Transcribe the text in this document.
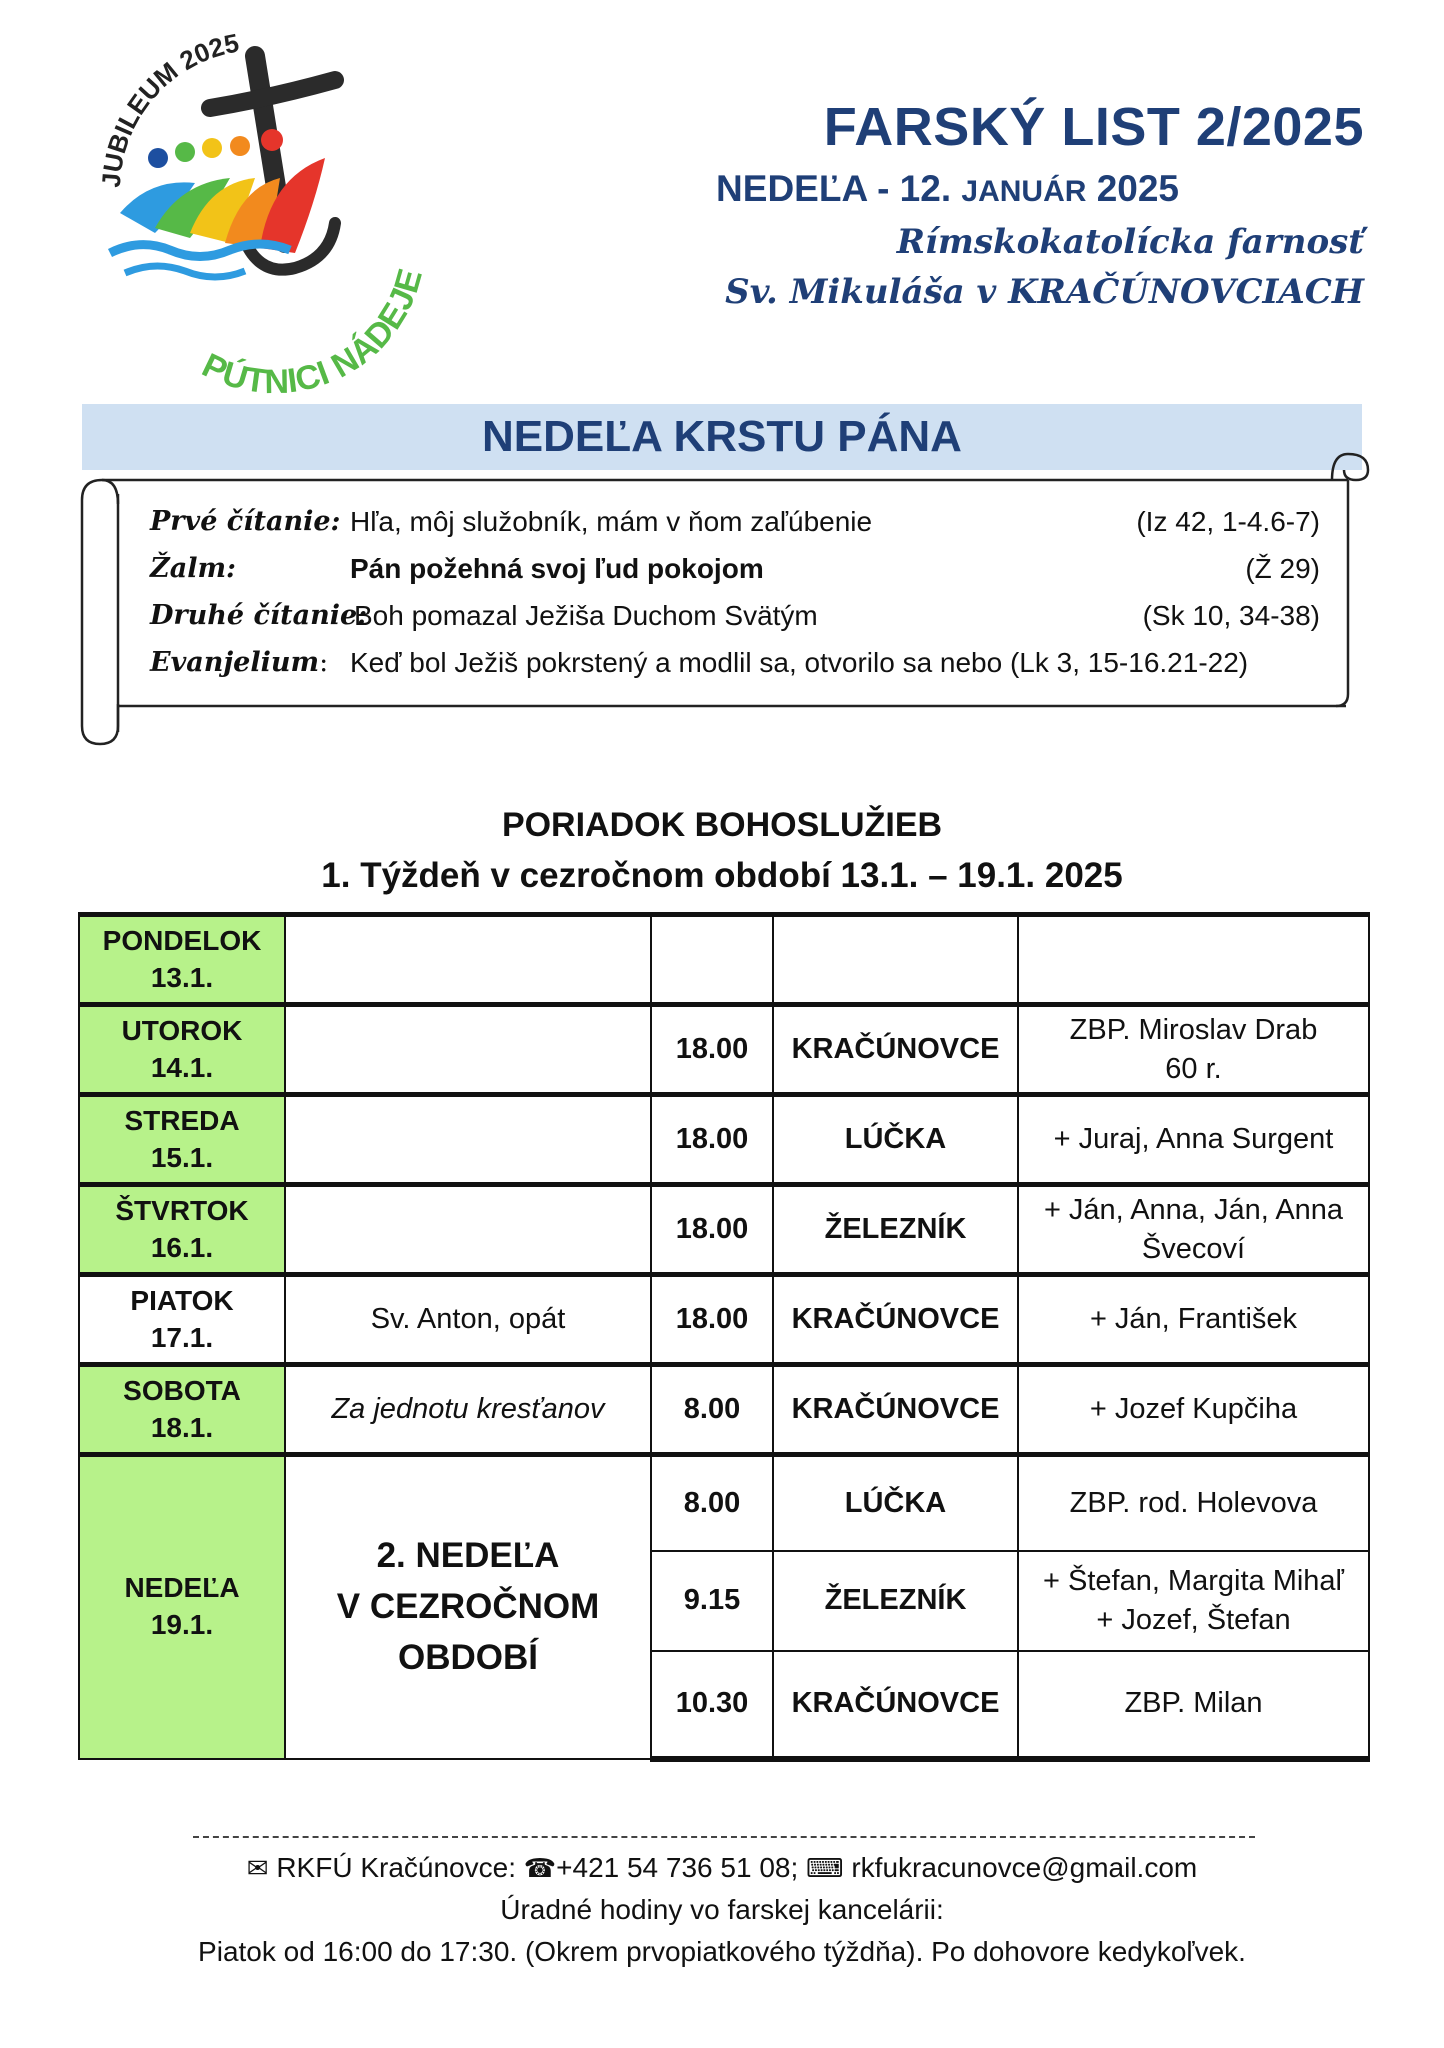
JUBILEUM 2025
PÚTNICI NÁDEJE
FARSKÝ LIST 2/2025
NEDEĽA - 12. JANUÁR 2025
Rímskokatolícka farnosť
Sv. Mikuláša v KRAČÚNOVCIACH
NEDEĽA KRSTU PÁNA
Prvé čítanie: Hľa, môj služobník, mám v ňom zaľúbenie	(Iz 42, 1-4.6-7)
Žalm:	Pán požehná svoj ľud pokojom	(Ž 29)
Druhé čítanie:
Boh pomazal Ježiša Duchom Svätým	(Sk 10, 34-38)
Evanjelium: Keď bol Ježiš pokrstený a modlil sa, otvorilo sa nebo (Lk 3, 15-16.21-22)
PORIADOK BOHOSLUŽIEB
1. Týždeň v cezročnom období 13.1. – 19.1. 2025
PONDELOK
13.1.				
UTOROK
14.1.		18.00	KRAČÚNOVCE	ZBP. Miroslav Drab
60 r.
STREDA
15.1.		18.00	LÚČKA	+ Juraj, Anna Surgent
ŠTVRTOK
16.1.		18.00	ŽELEZNÍK	+ Ján, Anna, Ján, Anna
Švecoví
PIATOK
17.1.	Sv. Anton, opát	18.00	KRAČÚNOVCE	+ Ján, František
SOBOTA
18.1.	Za jednotu kresťanov	8.00	KRAČÚNOVCE	+ Jozef Kupčiha
NEDEĽA
19.1.	2. NEDEĽA
V CEZROČNOM
OBDOBÍ	8.00	LÚČKA	ZBP. rod. Holevova
		9.15	ŽELEZNÍK	+ Štefan, Margita Mihaľ
+ Jozef, Štefan
		10.30	KRAČÚNOVCE	ZBP. Milan
✉ RKFÚ Kračúnovce: ☎+421 54 736 51 08; ⌨ rkfukracunovce@gmail.com
Úradné hodiny vo farskej kancelárii:
Piatok od 16:00 do 17:30. (Okrem prvopiatkového týždňa). Po dohovore kedykoľvek.
